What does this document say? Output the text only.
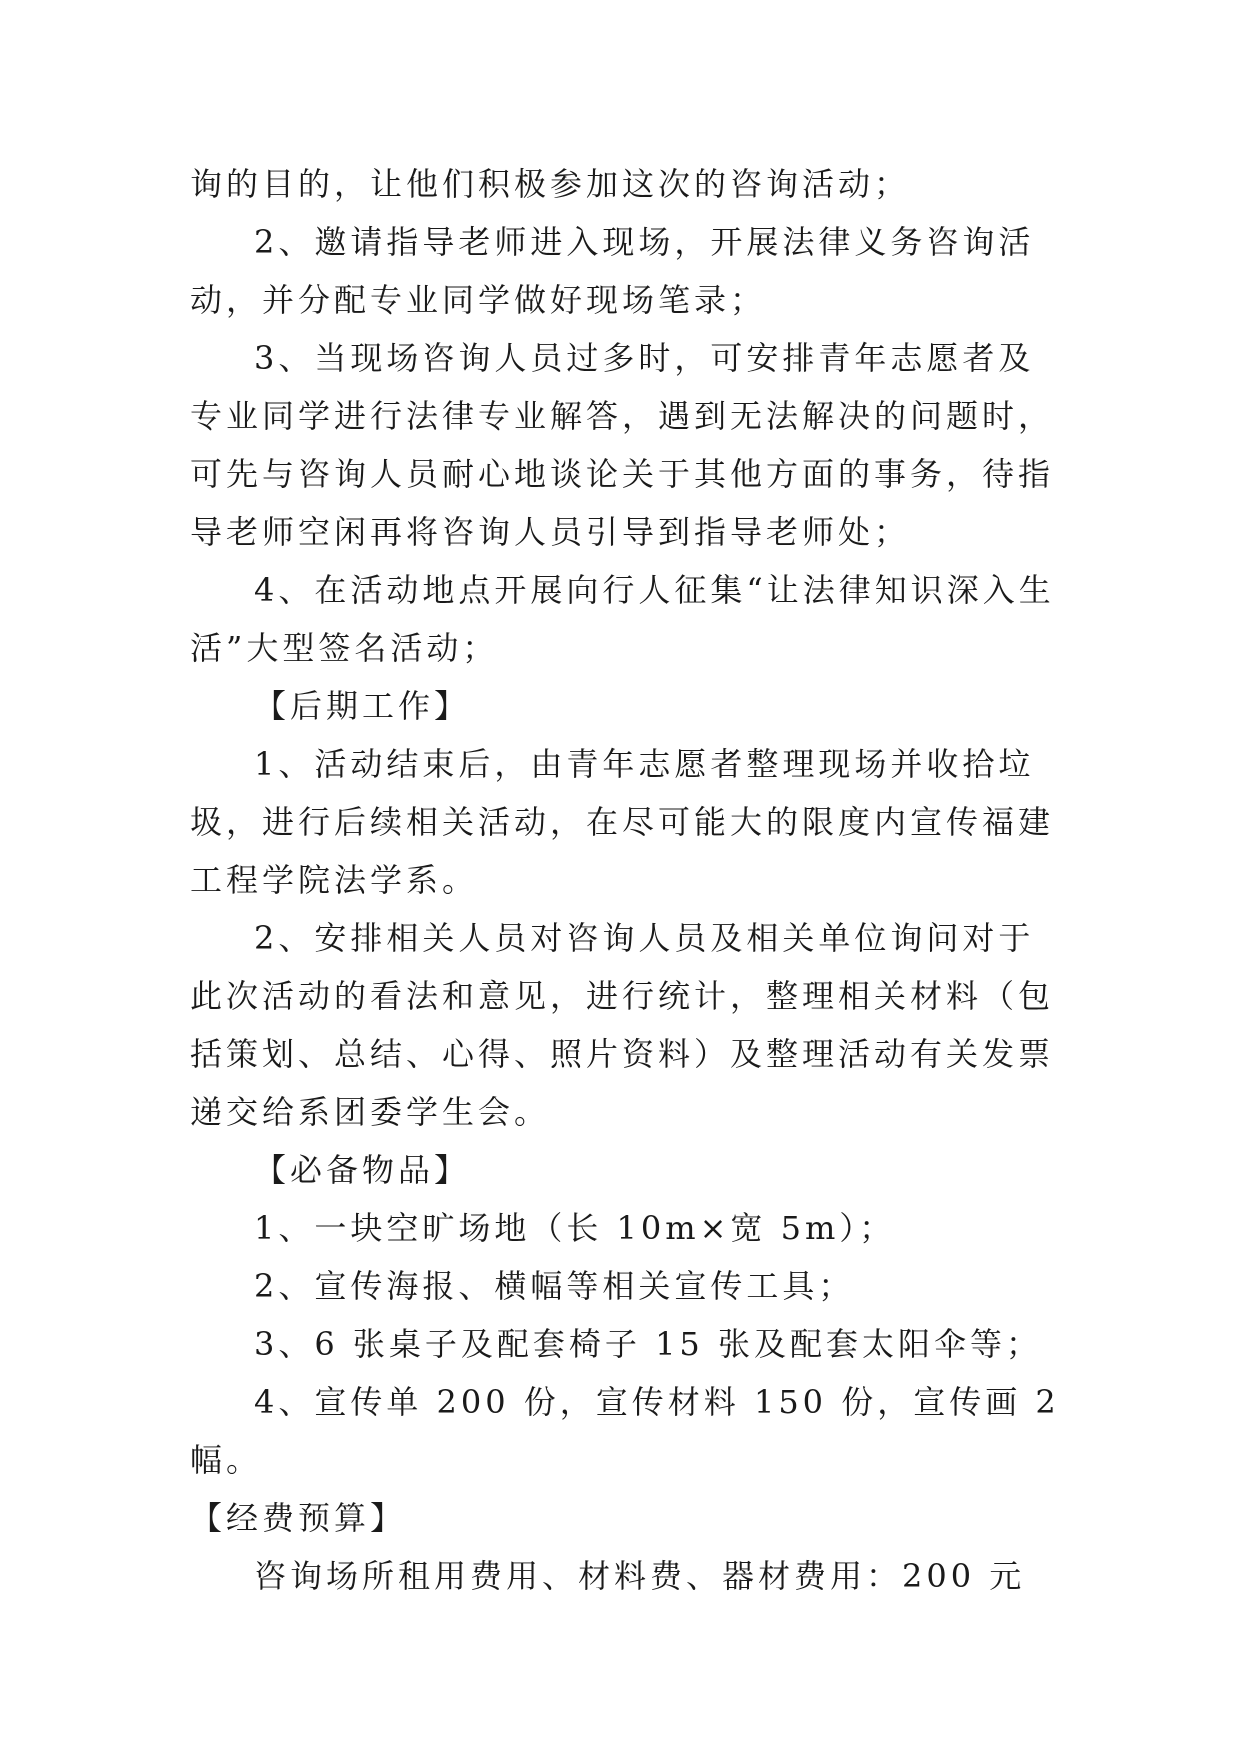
询的目的，让他们积极参加这次的咨询活动；

2、邀请指导老师进入现场，开展法律义务咨询活动，并分配专业同学做好现场笔录；

3、当现场咨询人员过多时，可安排青年志愿者及专业同学进行法律专业解答，遇到无法解决的问题时，可先与咨询人员耐心地谈论关于其他方面的事务，待指导老师空闲再将咨询人员引导到指导老师处；

4、在活动地点开展向行人征集“让法律知识深入生活”大型签名活动；

【后期工作】

1、活动结束后，由青年志愿者整理现场并收拾垃圾，进行后续相关活动，在尽可能大的限度内宣传福建工程学院法学系。

2、安排相关人员对咨询人员及相关单位询问对于此次活动的看法和意见，进行统计，整理相关材料（包括策划、总结、心得、照片资料）及整理活动有关发票递交给系团委学生会。

【必备物品】

1、一块空旷场地（长 10m×宽 5m）；

2、宣传海报、横幅等相关宣传工具；

3、6 张桌子及配套椅子 15 张及配套太阳伞等；

4、宣传单 200 份，宣传材料 150 份，宣传画 2 幅。

【经费预算】

咨询场所租用费用、材料费、器材费用：200 元
